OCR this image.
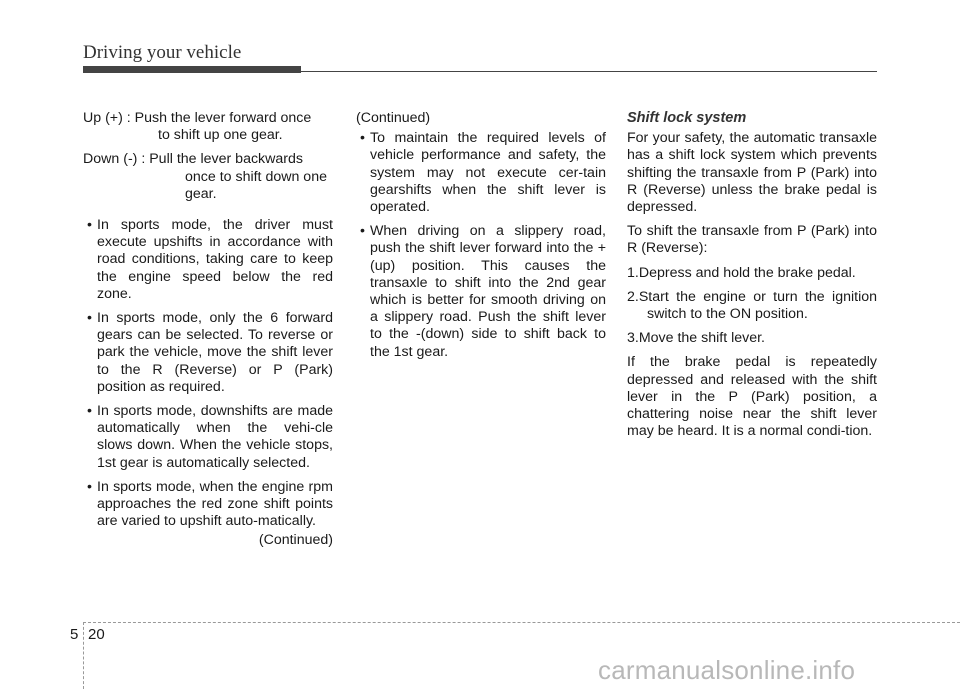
Driving your vehicle
Up (+) : Push the lever forward once
to shift up one gear.
Down (-) : Pull the lever backwards
once to shift down one
gear.

• In sports mode, the driver must execute upshifts in accordance with road conditions, taking care to keep the engine speed below the red zone.

• In sports mode, only the 6 forward gears can be selected. To reverse or park the vehicle, move the shift lever to the R (Reverse) or P (Park) position as required.

• In sports mode, downshifts are made automatically when the vehi-cle slows down. When the vehicle stops, 1st gear is automatically selected.

• In sports mode, when the engine rpm approaches the red zone shift points are varied to upshift auto-matically.

(Continued)

(Continued)

• To maintain the required levels of vehicle performance and safety, the system may not execute cer-tain gearshifts when the shift lever is operated.

• When driving on a slippery road, push the shift lever forward into the +(up) position. This causes the transaxle to shift into the 2nd gear which is better for smooth driving on a slippery road. Push the shift lever to the -(down) side to shift back to the 1st gear.

Shift lock system

For your safety, the automatic transaxle has a shift lock system which prevents shifting the transaxle from P (Park) into R (Reverse) unless the brake pedal is depressed.

To shift the transaxle from P (Park) into R (Reverse):

1.Depress and hold the brake pedal.

2.Start the engine or turn the ignition switch to the ON position.

3.Move the shift lever.

If the brake pedal is repeatedly depressed and released with the shift lever in the P (Park) position, a chattering noise near the shift lever may be heard. It is a normal condi-tion.

5 20
carmanualsonline.info
